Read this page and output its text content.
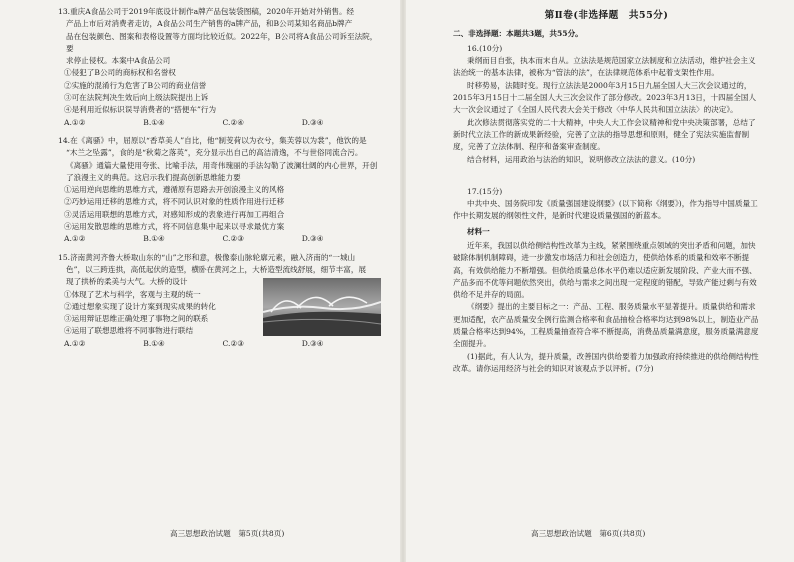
13.重庆A食品公司于2019年底设计制作a牌产品包装袋图稿，2020年开始对外销售。经

产品上市后对消费者走访，A食品公司生产销售的a牌产品，和B公司某知名商品b牌产

品在包装颜色、图案和表格设置等方面均比较近似。2022年，B公司将A食品公司诉至法院，要

求停止侵权。本案中A食品公司

①侵犯了B公司的商标权和名誉权

②实施的混淆行为危害了B公司的商业信誉

③可在法院判决生效后向上级法院提出上诉

④是利用近似标识误导消费者的“搭便车”行为

A.①②	B.①④	C.②④	D.③④

14.在《离骚》中，屈原以“香草美人”自比，他“制芰荷以为衣兮，集芙蓉以为裳”，他饮的是

“木兰之坠露”，食的是“秋菊之落英”，充分显示出自己的高洁清逸，不与世俗同流合污。

《离骚》通篇大量使用夸张、比喻手法，用奇伟瑰丽的手法勾勒了波澜壮阔的内心世界，开创

了浪漫主义的典范。这启示我们提高创新思维能力要

①运用逆向思维的思维方式，遵循原有思路去开创浪漫主义的风格

②巧妙运用迁移的思维方式，将不同认识对象的性质作用进行迁移

③灵活运用联想的思维方式，对感知形成的表象进行再加工再组合

④运用发散思维的思维方式，将不同信息集中起来以寻求最优方案

A.①②	B.①④	C.②③	D.③④

15.济南黄河齐鲁大桥取山东的“山”之形和意，极像泰山脉轮廓元素，融入济南的“一城山

色”，以三跨连拱，高低起伏的造型，横卧在黄河之上，大桥造型流线舒展，细节丰富，展

现了拱桥的柔美与大气。大桥的设计

①体现了艺术与科学，客观与主观的统一

②通过想象实现了设计方案到现实成果的转化

③运用辩证思维正确处理了事物之间的联系

④运用了联想思维将不同事物进行联结

A.①②	B.①④	C.②③	D.③④
高三思想政治试题　第5页(共8页)
第Ⅱ卷(非选择题　共55分)

二、非选择题：本题共3题，共55分。

16.(10分)

秉纲而目自张，执本而末自从。立法法是规范国家立法制度和立法活动，维护社会主义法治统一的基本法律，被称为“管法的法”，在法律规范体系中起着支架性作用。

时移势易，法随时变。现行立法法是2000年3月15日九届全国人大三次会议通过的，2015年3月15日十二届全国人大三次会议作了部分修改。2023年3月13日，十四届全国人大一次会议通过了《全国人民代表大会关于修改〈中华人民共和国立法法〉的决定》。

此次修法贯彻落实党的二十大精神，中央人大工作会议精神和党中央决策部署，总结了新时代立法工作的新成果新经验，完善了立法的指导思想和原则，健全了宪法实施监督制度，完善了立法体制、程序和备案审查制度。

结合材料，运用政治与法治的知识，说明修改立法法的意义。(10分)

17.(15分)

中共中央、国务院印发《质量强国建设纲要》(以下简称《纲要》)，作为指导中国质量工作中长期发展的纲领性文件，是新时代建设质量强国的新蓝本。

材料一

近年来，我国以供给侧结构性改革为主线，紧紧围绕重点领域的突出矛盾和问题，加快破除体制机制障碍，进一步激发市场活力和社会创造力，使供给体系的质量和效率不断提高，有效供给能力不断增强。但供给质量总体水平仍难以适应新发展阶段、产业大而不强、产品多而不优等问题依然突出，供给与需求之间出现一定程度的错配，导致产能过剩与有效供给不足并存的局面。

《纲要》提出的主要目标之一：产品、工程、服务质量水平显著提升。质量供给和需求更加适配，农产品质量安全例行监测合格率和食品抽检合格率均达到98%以上，制造业产品质量合格率达到94%，工程质量抽查符合率不断提高，消费品质量满意度，服务质量满意度全面提升。

(1)据此，有人认为，提升质量，改善国内供给要着力加强政府持续推进的供给侧结构性改革。请你运用经济与社会的知识对该观点予以评析。(7分)

高三思想政治试题　第6页(共8页)
